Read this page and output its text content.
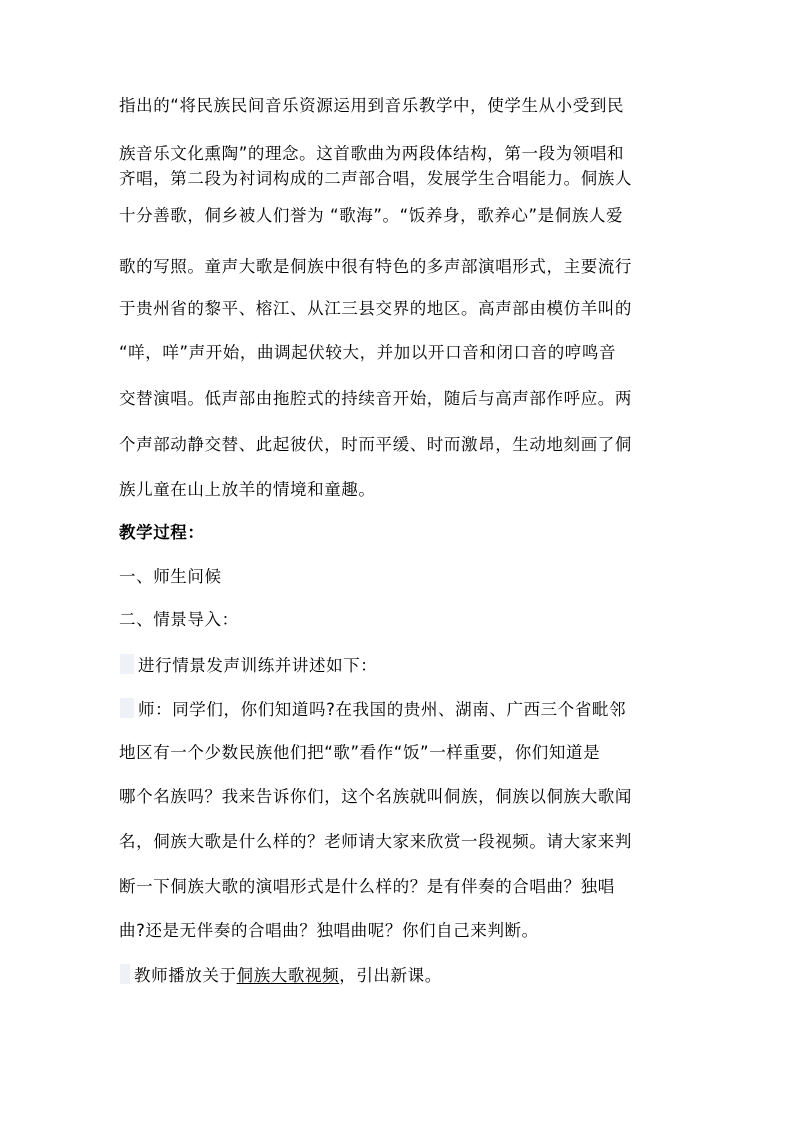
指出的“将民族民间音乐资源运用到音乐教学中，使学生从小受到民
族音乐文化熏陶”的理念。这首歌曲为两段体结构，第一段为领唱和
齐唱，第二段为衬词构成的二声部合唱，发展学生合唱能力。侗族人
十分善歌，侗乡被人们誉为 “歌海”。“饭养身，歌养心”是侗族人爱
歌的写照。童声大歌是侗族中很有特色的多声部演唱形式，主要流行
于贵州省的黎平、榕江、从江三县交界的地区。高声部由模仿羊叫的
“咩，咩”声开始，曲调起伏较大，并加以开口音和闭口音的哼鸣音
交替演唱。低声部由拖腔式的持续音开始，随后与高声部作呼应。两
个声部动静交替、此起彼伏，时而平缓、时而激昂，生动地刻画了侗
族儿童在山上放羊的情境和童趣。
教学过程：
一、师生问候
二、情景导入：
进行情景发声训练并讲述如下：
师：同学们，你们知道吗?在我国的贵州、湖南、广西三个省毗邻
地区有一个少数民族他们把“歌”看作“饭”一样重要，你们知道是
哪个名族吗？我来告诉你们，这个名族就叫侗族，侗族以侗族大歌闻
名，侗族大歌是什么样的？老师请大家来欣赏一段视频。请大家来判
断一下侗族大歌的演唱形式是什么样的？是有伴奏的合唱曲？独唱
曲?还是无伴奏的合唱曲？独唱曲呢？你们自己来判断。
教师播放关于侗族大歌视频，引出新课。
